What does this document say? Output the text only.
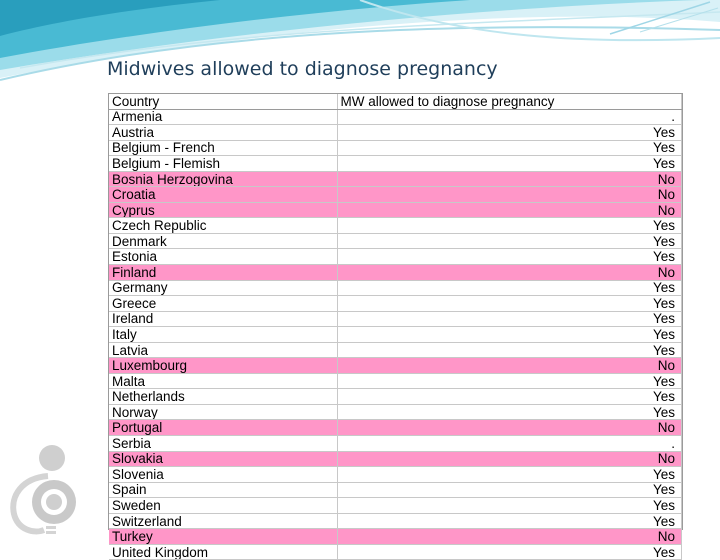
Midwives allowed to diagnose pregnancy
Country	MW allowed to diagnose pregnancy
Armenia	.
Austria	Yes
Belgium - French	Yes
Belgium - Flemish	Yes
Bosnia Herzogovina	No
Croatia	No
Cyprus	No
Czech Republic	Yes
Denmark	Yes
Estonia	Yes
Finland	No
Germany	Yes
Greece	Yes
Ireland	Yes
Italy	Yes
Latvia	Yes
Luxembourg	No
Malta	Yes
Netherlands	Yes
Norway	Yes
Portugal	No
Serbia	.
Slovakia	No
Slovenia	Yes
Spain	Yes
Sweden	Yes
Switzerland	Yes
Turkey	No
United Kingdom	Yes
